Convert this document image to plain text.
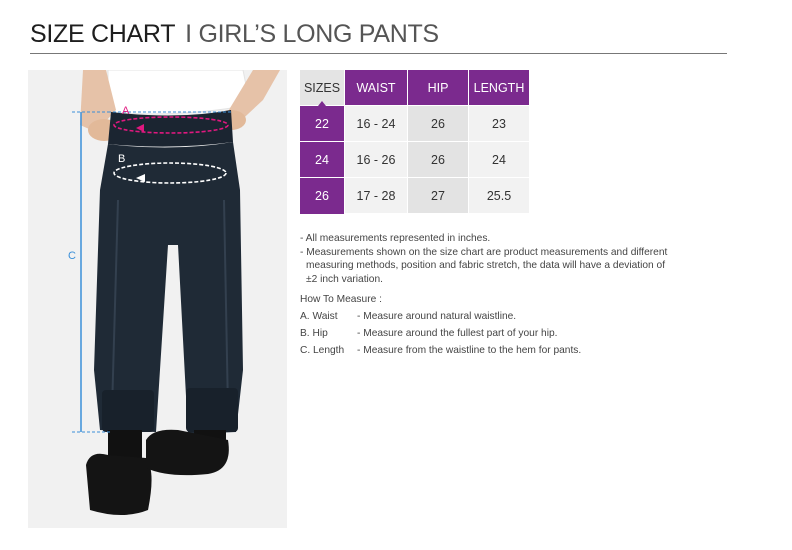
SIZE CHART I GIRL’S LONG PANTS
C
A
B
SIZES	WAIST	HIP	LENGTH
22	16 - 24	26	23
24	16 - 26	26	24
26	17 - 28	27	25.5

- All measurements represented in inches.

- Measurements shown on the size chart are product measurements and different

measuring methods, position and fabric stretch, the data will have a deviation of

±2 inch variation.

How To Measure :
A. Waist	- Measure around natural waistline.
B. Hip	- Measure around the fullest part of your hip.
C. Length	- Measure from the waistline to the hem for pants.
